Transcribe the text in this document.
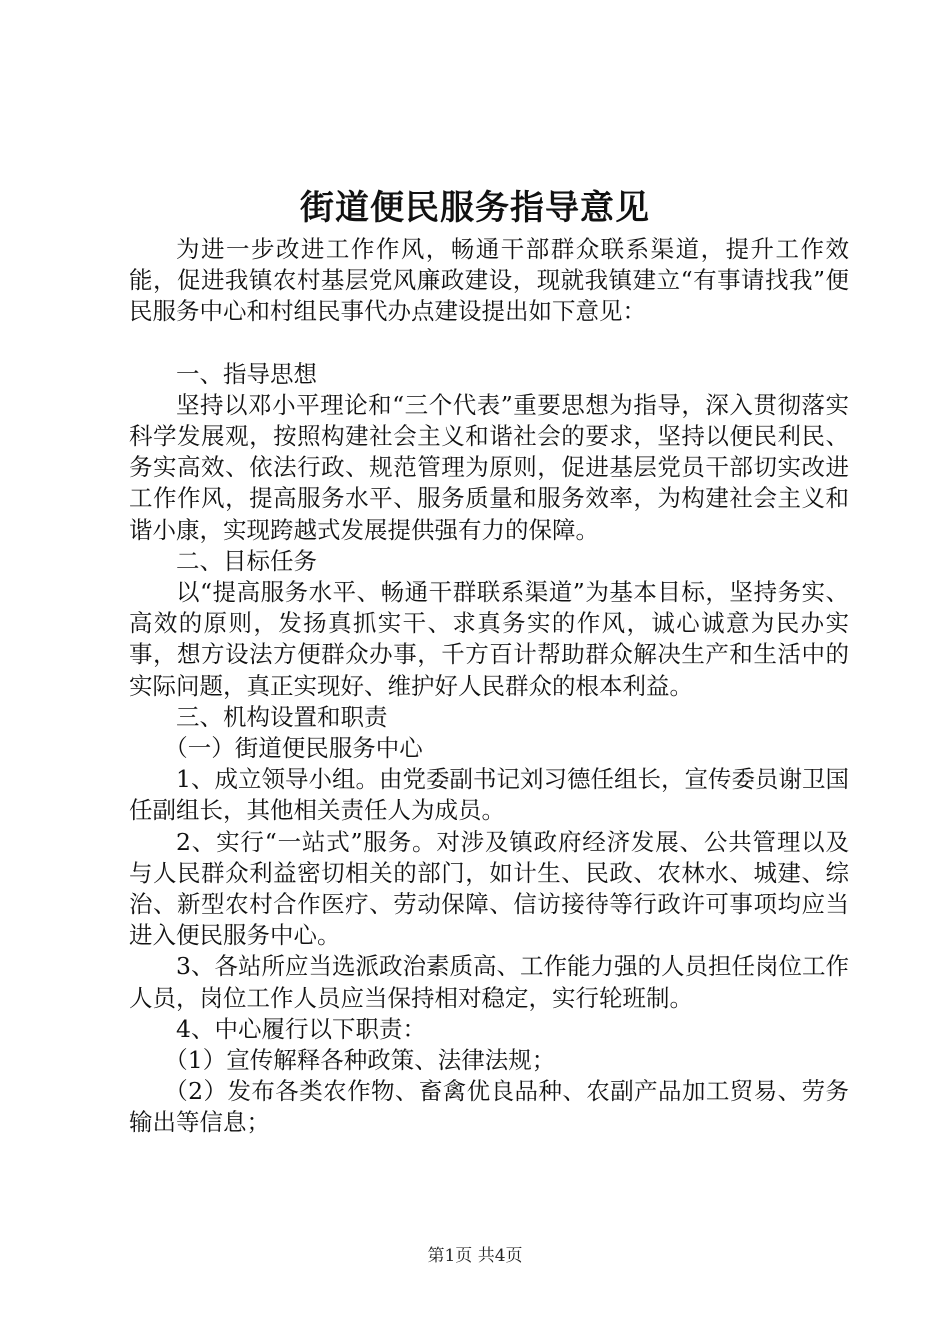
街道便民服务指导意见

为进一步改进工作作风，畅通干部群众联系渠道，提升工作效能，促进我镇农村基层党风廉政建设，现就我镇建立“有事请找我”便民服务中心和村组民事代办点建设提出如下意见：

一、指导思想

坚持以邓小平理论和“三个代表”重要思想为指导，深入贯彻落实科学发展观，按照构建社会主义和谐社会的要求，坚持以便民利民、务实高效、依法行政、规范管理为原则，促进基层党员干部切实改进工作作风，提高服务水平、服务质量和服务效率，为构建社会主义和谐小康，实现跨越式发展提供强有力的保障。

二、目标任务

以“提高服务水平、畅通干群联系渠道”为基本目标，坚持务实、高效的原则，发扬真抓实干、求真务实的作风，诚心诚意为民办实事，想方设法方便群众办事，千方百计帮助群众解决生产和生活中的实际问题，真正实现好、维护好人民群众的根本利益。

三、机构设置和职责

（一）街道便民服务中心

1、成立领导小组。由党委副书记刘习德任组长，宣传委员谢卫国任副组长，其他相关责任人为成员。

2、实行“一站式”服务。对涉及镇政府经济发展、公共管理以及与人民群众利益密切相关的部门，如计生、民政、农林水、城建、综治、新型农村合作医疗、劳动保障、信访接待等行政许可事项均应当进入便民服务中心。

3、各站所应当选派政治素质高、工作能力强的人员担任岗位工作人员，岗位工作人员应当保持相对稳定，实行轮班制。

4、中心履行以下职责：

（1）宣传解释各种政策、法律法规；

（2）发布各类农作物、畜禽优良品种、农副产品加工贸易、劳务输出等信息；

第1页 共4页
